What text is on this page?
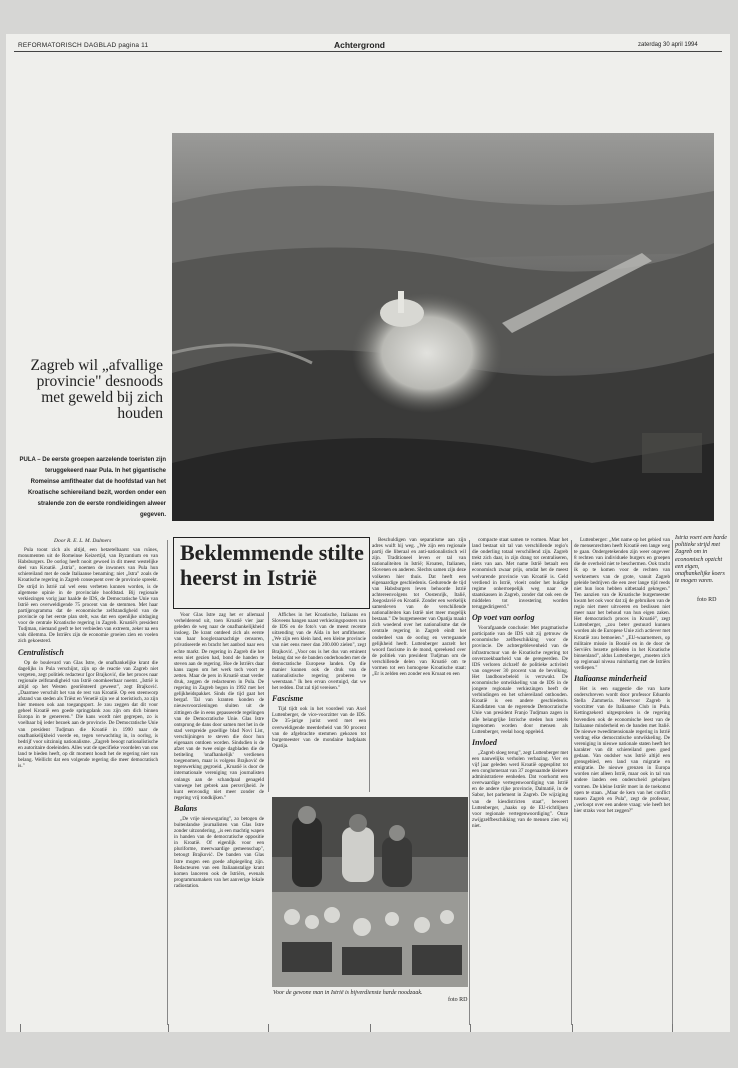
REFORMATORISCH DAGBLAD pagina 11	Achtergrond	zaterdag 30 april 1994
Istria voert een harde politieke strijd met Zagreb om in economisch opzicht een eigen, onafhankelijke koers te mogen varen.
foto RD
Zagreb wil „afvallige provincie" desnoods met geweld bij zich houden
PULA – De eerste groepen aarzelende toeristen zijn teruggekeerd naar Pula. In het gigantische Romeinse amfitheater dat de hoofdstad van het Kroatische schiereiland bezit, worden onder een stralende zon de eerste rondleidingen alweer gegeven.
Door R. E. L. M. Dulmers	Beklemmende stilte heerst in Istrië

Pula toont zich als altijd, een hetzetelbaarst van ruïnes, monumenten uit de Romeinse Keizertijd, van Byzantium en van Habsburgers. De oorlog heeft nooit gewoed in dit meest westelijke deel van Kroatië. „Istria", noemen de inwoners van Pula hun schiereiland met de oude Italiaanse benaming; niet „Istra" zoals de Kroatische regering in Zagreb consequent over de provincie spreekt. De strijd in Istrië zal wel eens verbeten kunnen worden, is de algemene opinie in de provinciale hoofdstad. Bij regionale verkiezingen vorig jaar haalde de IDS, de Democratische Unie van Istrië een overweldigende 75 procent van de stemmen. Met haar partijprogramma dat de economische zelfstandigheid van de provincie op het eerste plan stelt, was dat een openlijke uitdaging voor de centrale Kroatische regering in Zagreb. Kroatië's president Tudjman, niemand geeft te het verbieden van extreem, zeker na een vals dilemma. De Istriërs zijn de economie groeien zien en voelen zich gekoesterd.

Centralistisch

Op de boulevard van Glas Istre, de onafhankelijke krant die dagelijks in Pula verschijnt, zijn op de reactie van Zagreb niet vergeten, zegt politiek redacteur Igor Brajković, die het proces naar regionale zelfstandigheid van Istrië onomkeerbaar noemt. „Istrië is altijd op het Westen georiënteerd geweest", zegt Brajković. „Daarmee verschilt het van de rest van Kroatië. Op een steenworp afstand van steden als Triëst en Venetië zijn we al toeristisch, zo zijn hier mensen ook aan toegangsport. Je zou zeggen dat dit voor geheel Kroatië een goede springplank zou zijn om dich binnen Europa in te genereren." Die kans wordt niet gegrepen, zo is voelbaar bij ieder bezoek aan de provincie. De Democratische Unie van president Tudjman die Kroatië in 1990 naar de onafhankelijkheid voerde en, tegen verwachting in, in oorlog, is bedrijf voor uitzinnig nationalisme. „Zagreb beoogt nationalistische en autoritaire doeleinden. Alles wat de specifieke voordelen van ons land te bieden heeft, op dit moment houdt het de regering niet van belang. Wellicht dat een volgende regering die meer democratisch is."

Voor Glas Istre zag het er allemaal verhelderend uit, toen Kroatië vier jaar geleden de weg naar de onafhankelijkheid insloeg. De krant ontdeed zich als eerste van haar hoogleraarsachtige censoren, privatiseerde en bracht het aanbod naar een echte markt. De regering in Zagreb die het eens niet gezien had, bond de handen te steven aan de regering. Hoe de Istriërs daar kans zagen om het werk toch voort te zetten. Maar de pers in Kroatië staat verder druk, zeggen de redacteuren in Pula. De regering in Zagreb begon in 1992 met het gelijkheidspakket. Sinds die tijd gaat het bergaf. Tal van kranten konden de nieuwsvoorzieningen sluiten uit de zittingen die in eens gepasseerde regelingen van de Democratische Unie. Glas Istre ontsprong de dans door samen met het in de stad verspreide gezellige blad Novi List, verschijningen te steven die door hun eigenaars ontdoen worden. Sindsdien is de afzet van de twee enige dagbladen die de betiteling 'onafhankelijk' verdienen toegenomen, maar is volgens Brajković de tegenwerking gegroeid. „Kroatië is door de internationale vereniging van journalisten onlangs aan de schandpaal genageld vanwege het gebrek aan persvrijheid. Je kunt eenvoudig niet meer zonder de regering vrij rondkijken."

Balans

„De vrije nieuwsgaring", zo betogen de buitenlandse journalisten van Glas Istre zonder uitzondering, „is een machtig wapen in handen van de democratische oppositie in Kroatië. Of eigenlijk voor een pluriforme, meerwaardige gemeenschap", betoogt Brajković. De banden van Glas Istre mogen een goede afspiegeling zijn. Redacteuren van een Italiaanstalige krant komen lanceren ook de Istriërs, evenals programmamakers van het aanverige lokale radiostation.

Affiches in het Kroatische, Italiaans en Sloveens hangen naast verkiezingsposters van de IDS en de foto's van de meest recente uitzending van de Aïda in het amfitheater. „We zijn een klein land, een kleine provincie van niet eens meer dan 200.000 zielen", zegt Brajković. „Voor ons is het dus van eminent belang dat we de banden onderhouden met de democratische Europese landen. Op die manier kunnen ook de druk van de nationalistische regering proberen te weerstaan." Ik ben ervan overtuigd, dat we het redden. Dat zal tijd vereisen."

Fascisme

Tijd tijdt ook in het voordeel van Axel Luttenberger, de vice-voorzitter van de IDS. De 35-jarige jurist werd met een overweldigende meerderheid van 90 procent van de afgebrachte stemmen gekozen tot burgemeester van de mondaine badplaats Opatija.

Beschuldigen van separatisme aan zijn adres wuift hij weg. „We zijn een regionale partij die liberaal en anti-nationalistisch wil zijn. Traditioneel leven er tal van nationaliteiten in Istrië; Kroaten, Italianen, Slovenen en anderen. Slechts samen zijn deze volkeren hier thuis. Dat heeft een eigenaardige geschiedenis. Gedurende de tijd van Habsburgers leven behoorde Istrië achtereenvolgens tot Oostenrijk, Italië, Joegoslavië en Kroatië. Zonder een werkelijk samenleven van de verschillende nationaliteiten kan Istrië niet meer mogelijk bestaan." De burgemeester van Opatija maakt zich woedend over het nationalisme dat de centrale regering in Zagreb eindt het onderdeel van de oorlog en verregaande gelijkheid heeft. Luttenberger aarzelt het woord fascisme in de mond, spreekend over de politiek van president Tudjman om de verschillende delen van Kroatië om te vormen tot een homogene Kroatische staat: „Er is zelden een zonder een Kroaat en een

Voor de gewone man in Istrië is bijverdienste harde noodzaak.
foto RD

compacte staat samen te vormen. Maar het land bestaat uit tal van verschillende regio's die onderling totaal verschillend zijn. Zagreb trekt zich daar, in zijn drang tot centraliseren, niets van aan. Met name Istrië betaalt een economisch zwaar prijs, omdat het de meest welvarende provincie van Kroatië is. Geld verdiend in Istrië, vloeit onder het huidige regime onherroepelijk weg naar de staatskassen in Zagreb, zonder dat ook een de middelen tot investering worden teruggedirigeerd."

Op voet van oorlog

Voorafgaande conclusie: Met pragmatische participatie van de IDS valt zij getrouw de economische zelfbeschikking voor de provincie. De achtergeblevenheid van de infrastructuur van de Kroatische regering tot onverzoekbaarheid van de geregeerden. De IDS verloren zichzelf de politieke activiteit van ongeveer 30 procent van de bevolking. Het landbouwbeleid is verzwakt. De economische ontwikkeling van de IDS in de jongere regionale verkiezingen heeft de verbindingen en het schiereiland onthouden. Kroatië is een andere geschiedenis. Kandidaten van de regerende Democratische Unie van president Franjo Tudjman zagen in alle belangrijke Istrische steden hun zetels ingenomen worden door mensen als Luttenberger, veelal hoog opgeleid.

Invloed

„Zagreb sloeg terug", zegt Luttenberger met een nauwelijks verholen verbazing. Vier en vijf jaar geleden werd Kroatië opgesplitst tot een conglomeraat van 37 zogenaamde kleinere administratieve eenheden. Dat voorkomt een overwaardige vertegenwoordiging van Istrië en de andere rijke provincie, Dalmatië, in de Sabor, het parlement in Zagreb. De wijziging van de kiesdistricten staat", beweert Luttenberger, „haaks op de EU-richtlijnen voor regionale vertegenwoordiging". Onze zwijgzelfbeschikking van de mensen zien wij niet.

Luttenberger: „Met name op het gebied van de mensenrechten heeft Kroatië een lange weg te gaan. Ondergetekenden zijn weer ongeveer 8 rechten van individuele burgers en groepen die de overheid niet te beschermen. Ook tracht ik op te komen voor de rechten van werknemers van de grote, vanuit Zagreb geleide bedrijven die een zeer lange tijd reeds niet hun loon hebben uitbetaald gekregen." Ten aanzien van de Kroatische burgemeester kwam het ook voor dat zij de gebruiken van de regio niet meer uitvoeren en beslissen niet meer naar het behoud van hun eigen zaken. Het democratisch proces in Kroatië", zegt Luttenberger, „zou beter gestuurd kunnen worden als de Europese Unie zich actiever met Kroatië zou bemoeien." „EU-waarnemers, op militaire missie in Bosnië en in de door de Serviërs bezette gebieden in het Kroatische binnenland", aldus Luttenberger, „moeten zich op regionaal niveau ruimhartig met de Istriërs verdiepen."

Italiaanse minderheid

Het is een suggestie die van harte onderschreven wordt door professor Eduardo Stella Zammeria. Meervoor Zagreb is voorzitter van de Italiaanse Club in Pula. Kettingzekerd uitgesproken is de regering bovendien ook de economische leest van de Italiaanse minderheid en de banden met Italië. De nieuwe tweedimensionale regering in Istrië verdrag elke democratische ontwikkeling. De vereniging in nieuwe nationale staten heeft het karakter van dit schiereiland geen goed gedaan. Van oudsher was Istrië altijd een grensgebied, een land van migratie en emigratie. De nieuwe grenzen in Europa worden niet alleen Istrië, maar ook in tal van andere landen een onderscheid geholpen vormen. De kleine Istriër moet in de toekomst open te staan. „Maar de kern van het conflict tussen Zagreb en Pula", zegt de professor, „verloopt over een andere vraag: wie heeft het hier straks voor het zeggen?"
